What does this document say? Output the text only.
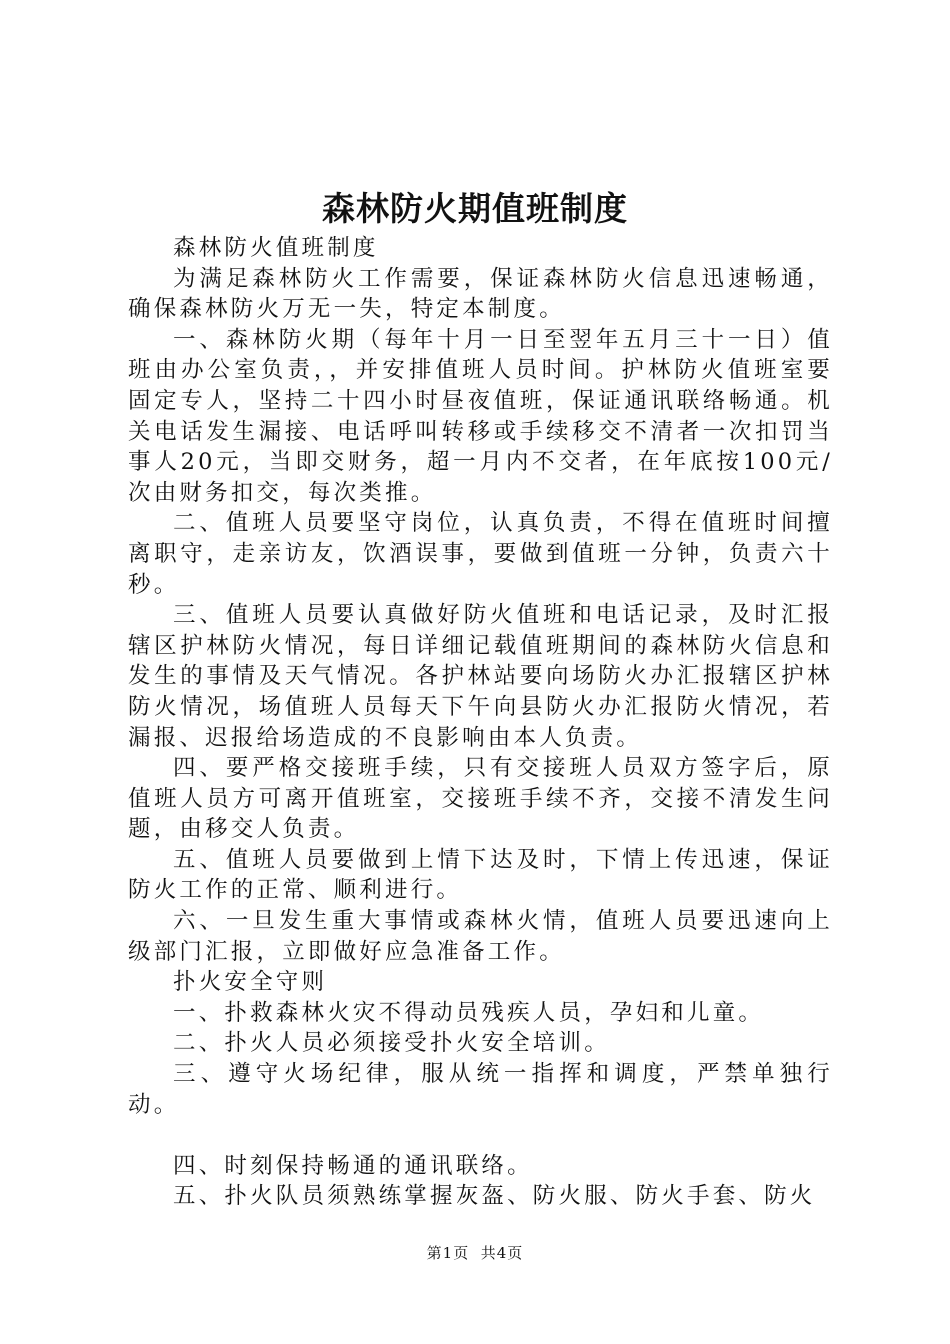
森林防火期值班制度

森林防火值班制度

为满足森林防火工作需要，保证森林防火信息迅速畅通，确保森林防火万无一失，特定本制度。

一、森林防火期（每年十月一日至翌年五月三十一日）值班由办公室负责，，并安排值班人员时间。护林防火值班室要固定专人，坚持二十四小时昼夜值班，保证通讯联络畅通。机关电话发生漏接、电话呼叫转移或手续移交不清者一次扣罚当事人20元，当即交财务，超一月内不交者，在年底按100元/次由财务扣交，每次类推。

二、值班人员要坚守岗位，认真负责，不得在值班时间擅离职守，走亲访友，饮酒误事，要做到值班一分钟，负责六十秒。

三、值班人员要认真做好防火值班和电话记录，及时汇报辖区护林防火情况，每日详细记载值班期间的森林防火信息和发生的事情及天气情况。各护林站要向场防火办汇报辖区护林防火情况，场值班人员每天下午向县防火办汇报防火情况，若漏报、迟报给场造成的不良影响由本人负责。

四、要严格交接班手续，只有交接班人员双方签字后，原值班人员方可离开值班室，交接班手续不齐，交接不清发生问题，由移交人负责。

五、值班人员要做到上情下达及时，下情上传迅速，保证防火工作的正常、顺利进行。

六、一旦发生重大事情或森林火情，值班人员要迅速向上级部门汇报，立即做好应急准备工作。

扑火安全守则

一、扑救森林火灾不得动员残疾人员，孕妇和儿童。

二、扑火人员必须接受扑火安全培训。

三、遵守火场纪律，服从统一指挥和调度，严禁单独行动。

四、时刻保持畅通的通讯联络。

五、扑火队员须熟练掌握灰盔、防火服、防火手套、防火

第1页 共4页
